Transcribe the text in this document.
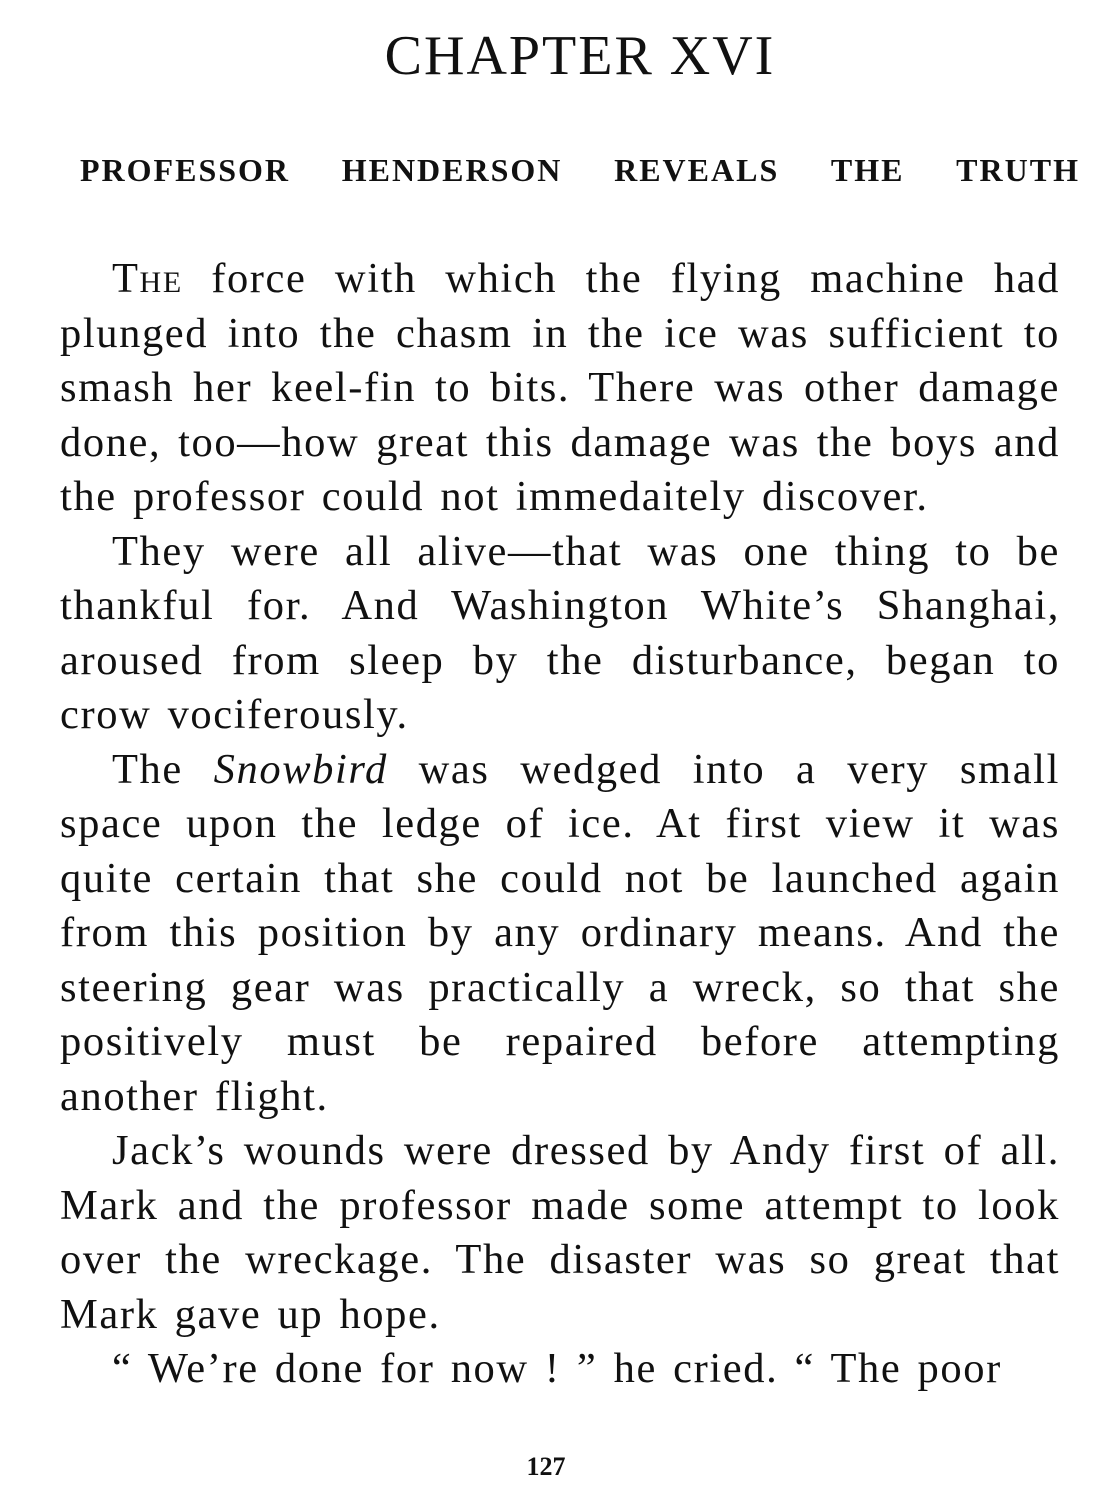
CHAPTER XVI
PROFESSOR HENDERSON REVEALS THE TRUTH

The force with which the flying machine had plunged into the chasm in the ice was sufficient to smash her keel-fin to bits. There was other damage done, too—how great this damage was the boys and the professor could not immedaitely discover.

They were all alive—that was one thing to be thankful for. And Washington White’s Shanghai, aroused from sleep by the disturbance, began to crow vociferously.

The Snowbird was wedged into a very small space upon the ledge of ice. At first view it was quite certain that she could not be launched again from this position by any ordinary means. And the steering gear was practically a wreck, so that she positively must be repaired before attempting another flight.

Jack’s wounds were dressed by Andy first of all. Mark and the professor made some attempt to look over the wreckage. The disaster was so great that Mark gave up hope.

“ We’re done for now ! ” he cried. “ The poor

127
